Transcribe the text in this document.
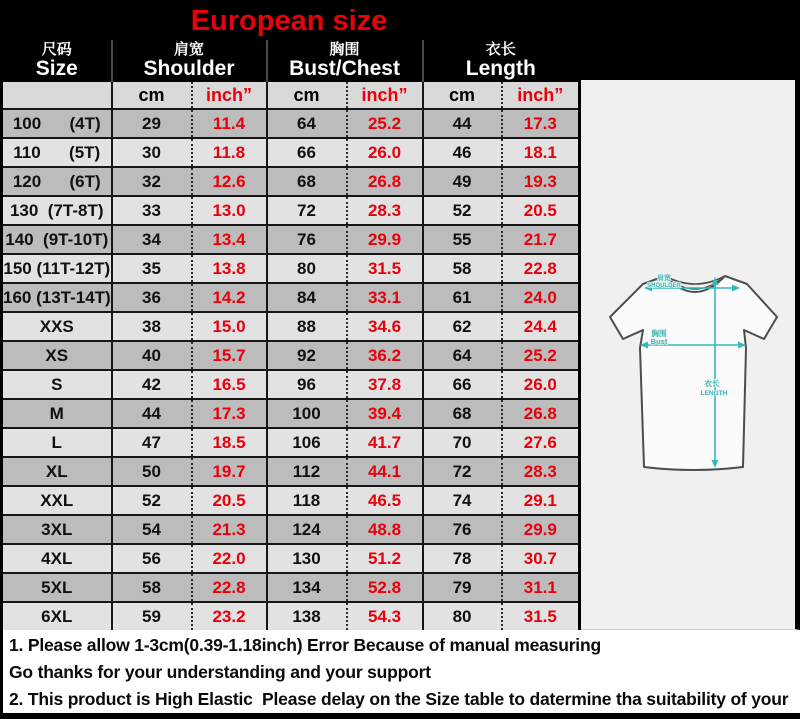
European size
尺码
Size

肩宽
Shoulder

胸围
Bust/Chest

衣长
Length

	cm	inch”	cm	inch”	cm	inch”
100      (4T)	29	11.4	64	25.2	44	17.3
110      (5T)	30	11.8	66	26.0	46	18.1
120      (6T)	32	12.6	68	26.8	49	19.3
130  (7T-8T)	33	13.0	72	28.3	52	20.5
140  (9T-10T)	34	13.4	76	29.9	55	21.7
150 (11T-12T)	35	13.8	80	31.5	58	22.8
160 (13T-14T)	36	14.2	84	33.1	61	24.0
XXS	38	15.0	88	34.6	62	24.4
XS	40	15.7	92	36.2	64	25.2
S	42	16.5	96	37.8	66	26.0
M	44	17.3	100	39.4	68	26.8
L	47	18.5	106	41.7	70	27.6
XL	50	19.7	112	44.1	72	28.3
XXL	52	20.5	118	46.5	74	29.1
3XL	54	21.3	124	48.8	76	29.9
4XL	56	22.0	130	51.2	78	30.7
5XL	58	22.8	134	52.8	79	31.1
6XL	59	23.2	138	54.3	80	31.5
肩宽
SHOULDER
胸围
Bust
衣长
LENGTH

1. Please allow 1-3cm(0.39-1.18inch) Error Because of manual measuring

Go thanks for your understanding and your support

2. This product is High Elastic  Please delay on the Size table to datermine tha suitability of your
